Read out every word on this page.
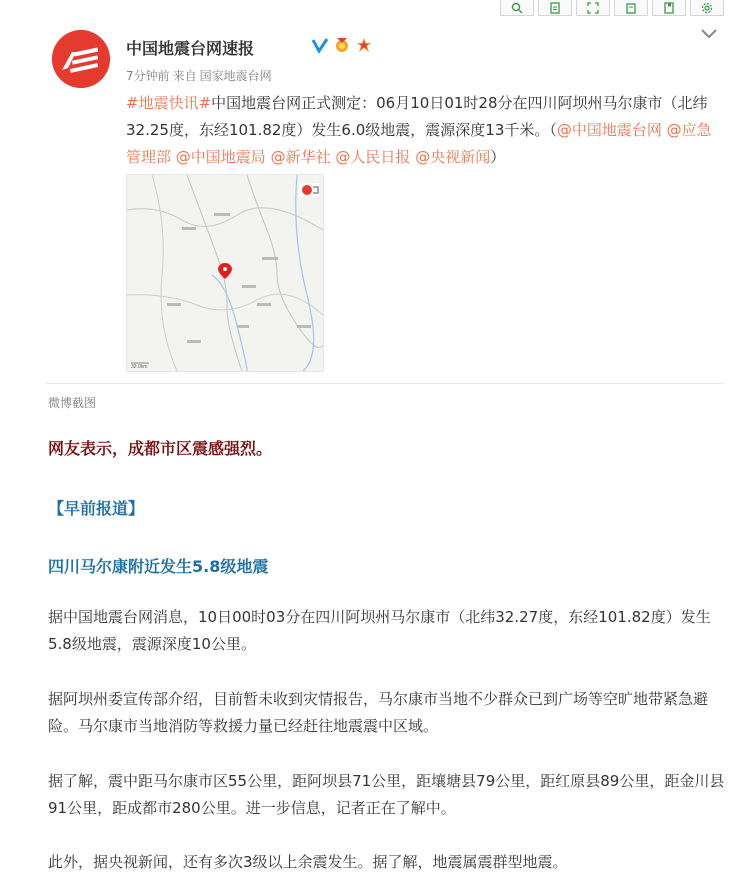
中国地震台网速报
7分钟前 来自 国家地震台网
#地震快讯#中国地震台网正式测定：06月10日01时28分在四川阿坝州马尔康市（北纬32.25度，东经101.82度）发生6.0级地震，震源深度13千米。（@中国地震台网 @应急管理部 @中国地震局 @新华社 @人民日报 @央视新闻）
32.0km
微博截图
网友表示，成都市区震感强烈。
【早前报道】
四川马尔康附近发生5.8级地震
据中国地震台网消息，10日00时03分在四川阿坝州马尔康市（北纬32.27度，东经101.82度）发生5.8级地震，震源深度10公里。
据阿坝州委宣传部介绍，目前暂未收到灾情报告，马尔康市当地不少群众已到广场等空旷地带紧急避险。马尔康市当地消防等救援力量已经赶往地震震中区域。
据了解，震中距马尔康市区55公里，距阿坝县71公里，距壤塘县79公里，距红原县89公里，距金川县91公里，距成都市280公里。进一步信息，记者正在了解中。
此外，据央视新闻，还有多次3级以上余震发生。据了解，地震属震群型地震。
